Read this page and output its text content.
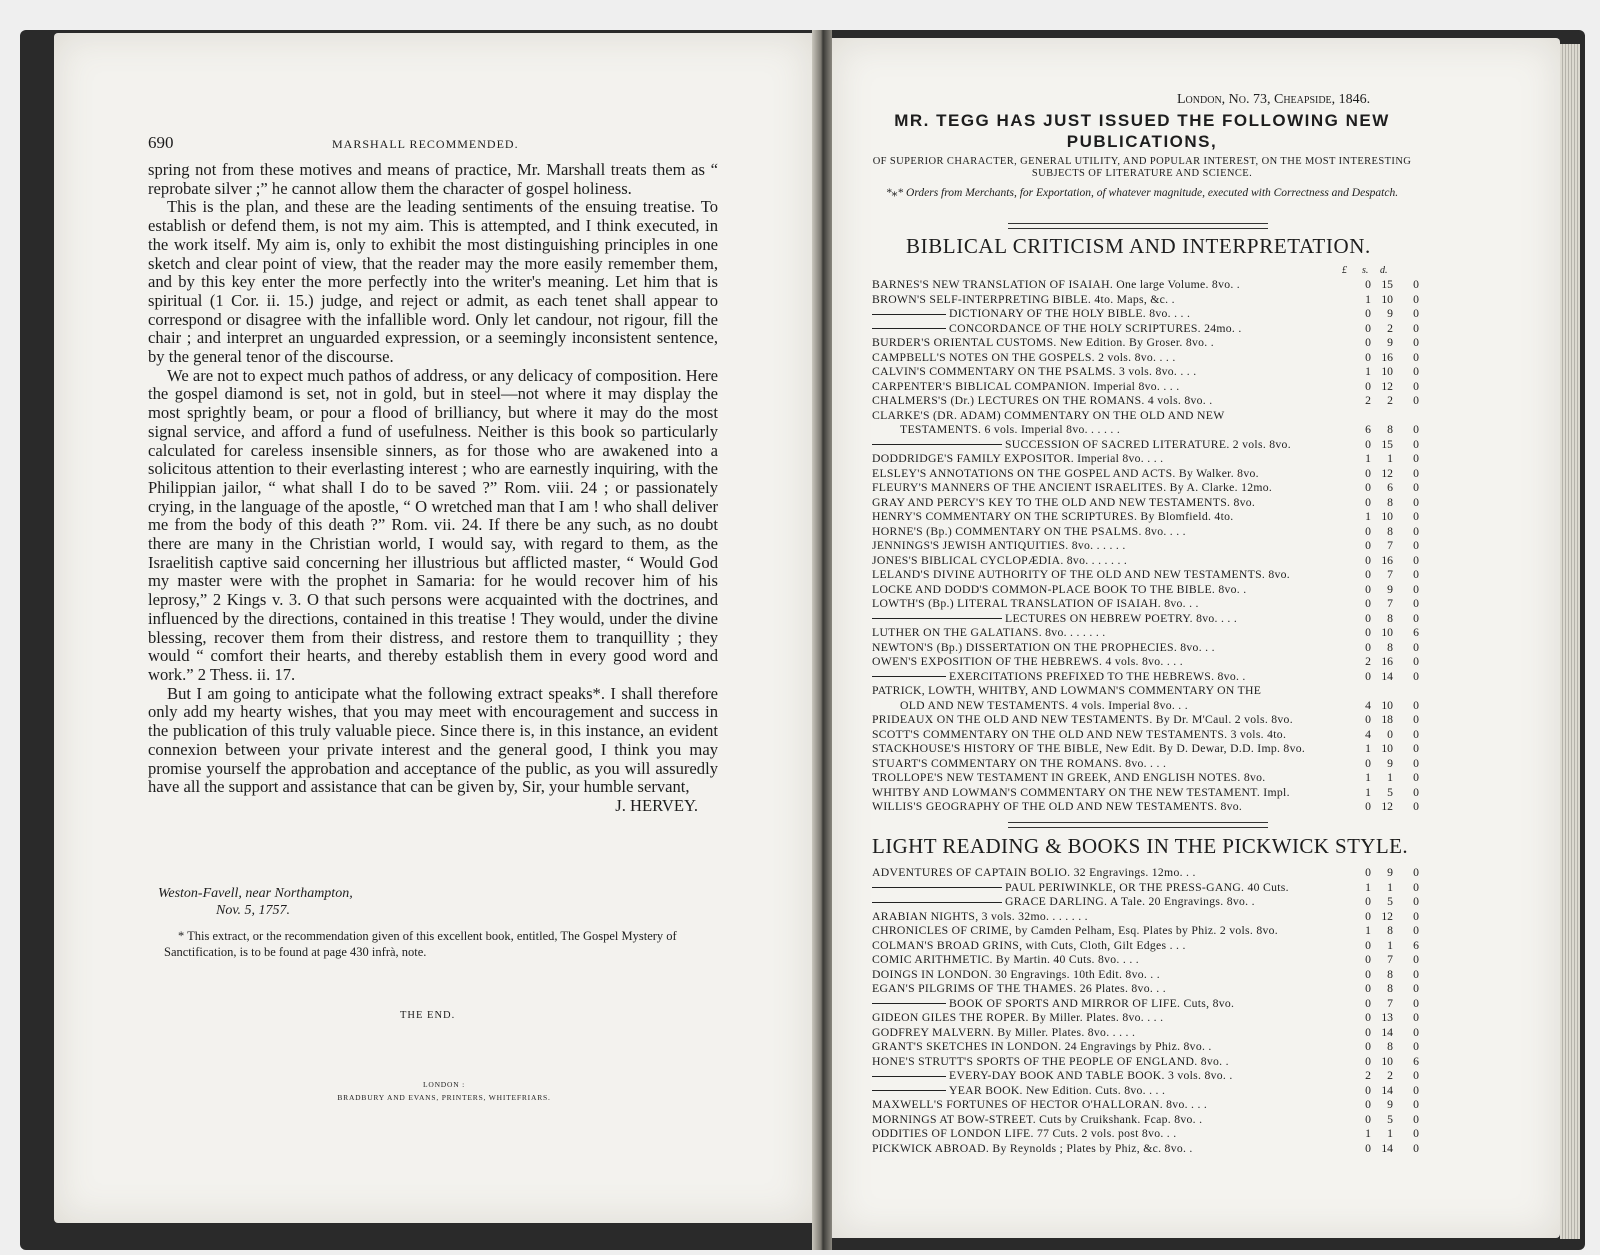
690	MARSHALL RECOMMENDED.

spring not from these motives and means of practice, Mr. Marshall treats them as “ reprobate silver ;” he cannot allow them the character of gospel holiness.

This is the plan, and these are the leading sentiments of the ensuing treatise. To establish or defend them, is not my aim. This is attempted, and I think executed, in the work itself. My aim is, only to exhibit the most distinguishing principles in one sketch and clear point of view, that the reader may the more easily remember them, and by this key enter the more perfectly into the writer's meaning. Let him that is spiritual (1 Cor. ii. 15.) judge, and reject or admit, as each tenet shall appear to correspond or disagree with the infallible word. Only let candour, not rigour, fill the chair ; and interpret an unguarded expression, or a seemingly inconsistent sentence, by the general tenor of the discourse.

We are not to expect much pathos of address, or any delicacy of composition. Here the gospel diamond is set, not in gold, but in steel—not where it may display the most sprightly beam, or pour a flood of brilliancy, but where it may do the most signal service, and afford a fund of usefulness. Neither is this book so particularly calculated for careless insensible sinners, as for those who are awakened into a solicitous attention to their everlasting interest ; who are earnestly inquiring, with the Philippian jailor, “ what shall I do to be saved ?” Rom. viii. 24 ; or passionately crying, in the language of the apostle, “ O wretched man that I am ! who shall deliver me from the body of this death ?” Rom. vii. 24. If there be any such, as no doubt there are many in the Christian world, I would say, with regard to them, as the Israelitish captive said concerning her illustrious but afflicted master, “ Would God my master were with the prophet in Samaria: for he would recover him of his leprosy,” 2 Kings v. 3. O that such persons were acquainted with the doctrines, and influenced by the directions, contained in this treatise ! They would, under the divine blessing, recover them from their distress, and restore them to tranquillity ; they would “ comfort their hearts, and thereby establish them in every good word and work.” 2 Thess. ii. 17.

But I am going to anticipate what the following extract speaks*. I shall therefore only add my hearty wishes, that you may meet with encouragement and success in the publication of this truly valuable piece. Since there is, in this instance, an evident connexion between your private interest and the general good, I think you may promise yourself the approbation and acceptance of the public, as you will assuredly have all the support and assistance that can be given by, Sir, your humble servant,

J. HERVEY.
Weston-Favell, near Northampton,
Nov. 5, 1757.
* This extract, or the recommendation given of this excellent book, entitled, The Gospel Mystery of Sanctification, is to be found at page 430 infrà, note.
THE END.
LONDON :
BRADBURY AND EVANS, PRINTERS, WHITEFRIARS.
London, No. 73, Cheapside, 1846.
MR. TEGG HAS JUST ISSUED THE FOLLOWING NEW PUBLICATIONS,
OF SUPERIOR CHARACTER, GENERAL UTILITY, AND POPULAR INTEREST, ON THE MOST INTERESTING SUBJECTS OF LITERATURE AND SCIENCE.
*⁎* Orders from Merchants, for Exportation, of whatever magnitude, executed with Correctness and Despatch.
BIBLICAL CRITICISM AND INTERPRETATION.
£ s. d.
BARNES'S NEW TRANSLATION OF ISAIAH. One large Volume. 8vo. .	0 15	0
BROWN'S SELF-INTERPRETING BIBLE. 4to. Maps, &c. .	1 10	0
DICTIONARY OF THE HOLY BIBLE. 8vo. . . .	0	9	0
CONCORDANCE OF THE HOLY SCRIPTURES. 24mo. .	0	2	0
BURDER'S ORIENTAL CUSTOMS. New Edition. By Groser. 8vo. .	0	9	0
CAMPBELL'S NOTES ON THE GOSPELS. 2 vols. 8vo. . . .	0 16	0
CALVIN'S COMMENTARY ON THE PSALMS. 3 vols. 8vo. . . .	1 10	0
CARPENTER'S BIBLICAL COMPANION. Imperial 8vo. . . .	0 12	0
CHALMERS'S (Dr.) LECTURES ON THE ROMANS. 4 vols. 8vo. .	2	2	0
CLARKE'S (DR. ADAM) COMMENTARY ON THE OLD AND NEW
TESTAMENTS. 6 vols. Imperial 8vo. . . . . .	6	8	0
SUCCESSION OF SACRED LITERATURE. 2 vols. 8vo.	0 15	0
DODDRIDGE'S FAMILY EXPOSITOR. Imperial 8vo. . . .	1	1	0
ELSLEY'S ANNOTATIONS ON THE GOSPEL AND ACTS. By Walker. 8vo.	0 12	0
FLEURY'S MANNERS OF THE ANCIENT ISRAELITES. By A. Clarke. 12mo.	0	6	0
GRAY AND PERCY'S KEY TO THE OLD AND NEW TESTAMENTS. 8vo.	0	8	0
HENRY'S COMMENTARY ON THE SCRIPTURES. By Blomfield. 4to.	1 10	0
HORNE'S (Bp.) COMMENTARY ON THE PSALMS. 8vo. . . .	0	8	0
JENNINGS'S JEWISH ANTIQUITIES. 8vo. . . . . .	0	7	0
JONES'S BIBLICAL CYCLOPÆDIA. 8vo. . . . . . .	0 16	0
LELAND'S DIVINE AUTHORITY OF THE OLD AND NEW TESTAMENTS. 8vo.	0	7	0
LOCKE AND DODD'S COMMON-PLACE BOOK TO THE BIBLE. 8vo. .	0	9	0
LOWTH'S (Bp.) LITERAL TRANSLATION OF ISAIAH. 8vo. . .	0	7	0
LECTURES ON HEBREW POETRY. 8vo. . . .	0	8	0
LUTHER ON THE GALATIANS. 8vo. . . . . . .	0 10	6
NEWTON'S (Bp.) DISSERTATION ON THE PROPHECIES. 8vo. . .	0	8	0
OWEN'S EXPOSITION OF THE HEBREWS. 4 vols. 8vo. . . .	2 16	0
EXERCITATIONS PREFIXED TO THE HEBREWS. 8vo. .	0 14	0
PATRICK, LOWTH, WHITBY, AND LOWMAN'S COMMENTARY ON THE
OLD AND NEW TESTAMENTS. 4 vols. Imperial 8vo. . .	4 10	0
PRIDEAUX ON THE OLD AND NEW TESTAMENTS. By Dr. M'Caul. 2 vols. 8vo.	0 18	0
SCOTT'S COMMENTARY ON THE OLD AND NEW TESTAMENTS. 3 vols. 4to.	4	0	0
STACKHOUSE'S HISTORY OF THE BIBLE, New Edit. By D. Dewar, D.D. Imp. 8vo.	1 10	0
STUART'S COMMENTARY ON THE ROMANS. 8vo. . . .	0	9	0
TROLLOPE'S NEW TESTAMENT IN GREEK, AND ENGLISH NOTES. 8vo.	1	1	0
WHITBY AND LOWMAN'S COMMENTARY ON THE NEW TESTAMENT. Impl.	1	5	0
WILLIS'S GEOGRAPHY OF THE OLD AND NEW TESTAMENTS. 8vo.	0 12	0
LIGHT READING & BOOKS IN THE PICKWICK STYLE.
ADVENTURES OF CAPTAIN BOLIO. 32 Engravings. 12mo. . .	0	9	0
PAUL PERIWINKLE, OR THE PRESS-GANG. 40 Cuts.	1	1	0
GRACE DARLING. A Tale. 20 Engravings. 8vo. .	0	5	0
ARABIAN NIGHTS, 3 vols. 32mo. . . . . . .	0 12	0
CHRONICLES OF CRIME, by Camden Pelham, Esq. Plates by Phiz. 2 vols. 8vo.	1	8	0
COLMAN'S BROAD GRINS, with Cuts, Cloth, Gilt Edges . . .	0	1	6
COMIC ARITHMETIC. By Martin. 40 Cuts. 8vo. . . .	0	7	0
DOINGS IN LONDON. 30 Engravings. 10th Edit. 8vo. . .	0	8	0
EGAN'S PILGRIMS OF THE THAMES. 26 Plates. 8vo. . .	0	8	0
BOOK OF SPORTS AND MIRROR OF LIFE. Cuts, 8vo.	0	7	0
GIDEON GILES THE ROPER. By Miller. Plates. 8vo. . . .	0 13	0
GODFREY MALVERN. By Miller. Plates. 8vo. . . . .	0 14	0
GRANT'S SKETCHES IN LONDON. 24 Engravings by Phiz. 8vo. .	0	8	0
HONE'S STRUTT'S SPORTS OF THE PEOPLE OF ENGLAND. 8vo. .	0 10	6
EVERY-DAY BOOK AND TABLE BOOK. 3 vols. 8vo. .	2	2	0
YEAR BOOK. New Edition. Cuts. 8vo. . . .	0 14	0
MAXWELL'S FORTUNES OF HECTOR O'HALLORAN. 8vo. . . .	0	9	0
MORNINGS AT BOW-STREET. Cuts by Cruikshank. Fcap. 8vo. .	0	5	0
ODDITIES OF LONDON LIFE. 77 Cuts. 2 vols. post 8vo. . .	1	1	0
PICKWICK ABROAD. By Reynolds ; Plates by Phiz, &c. 8vo. .	0 14	0
